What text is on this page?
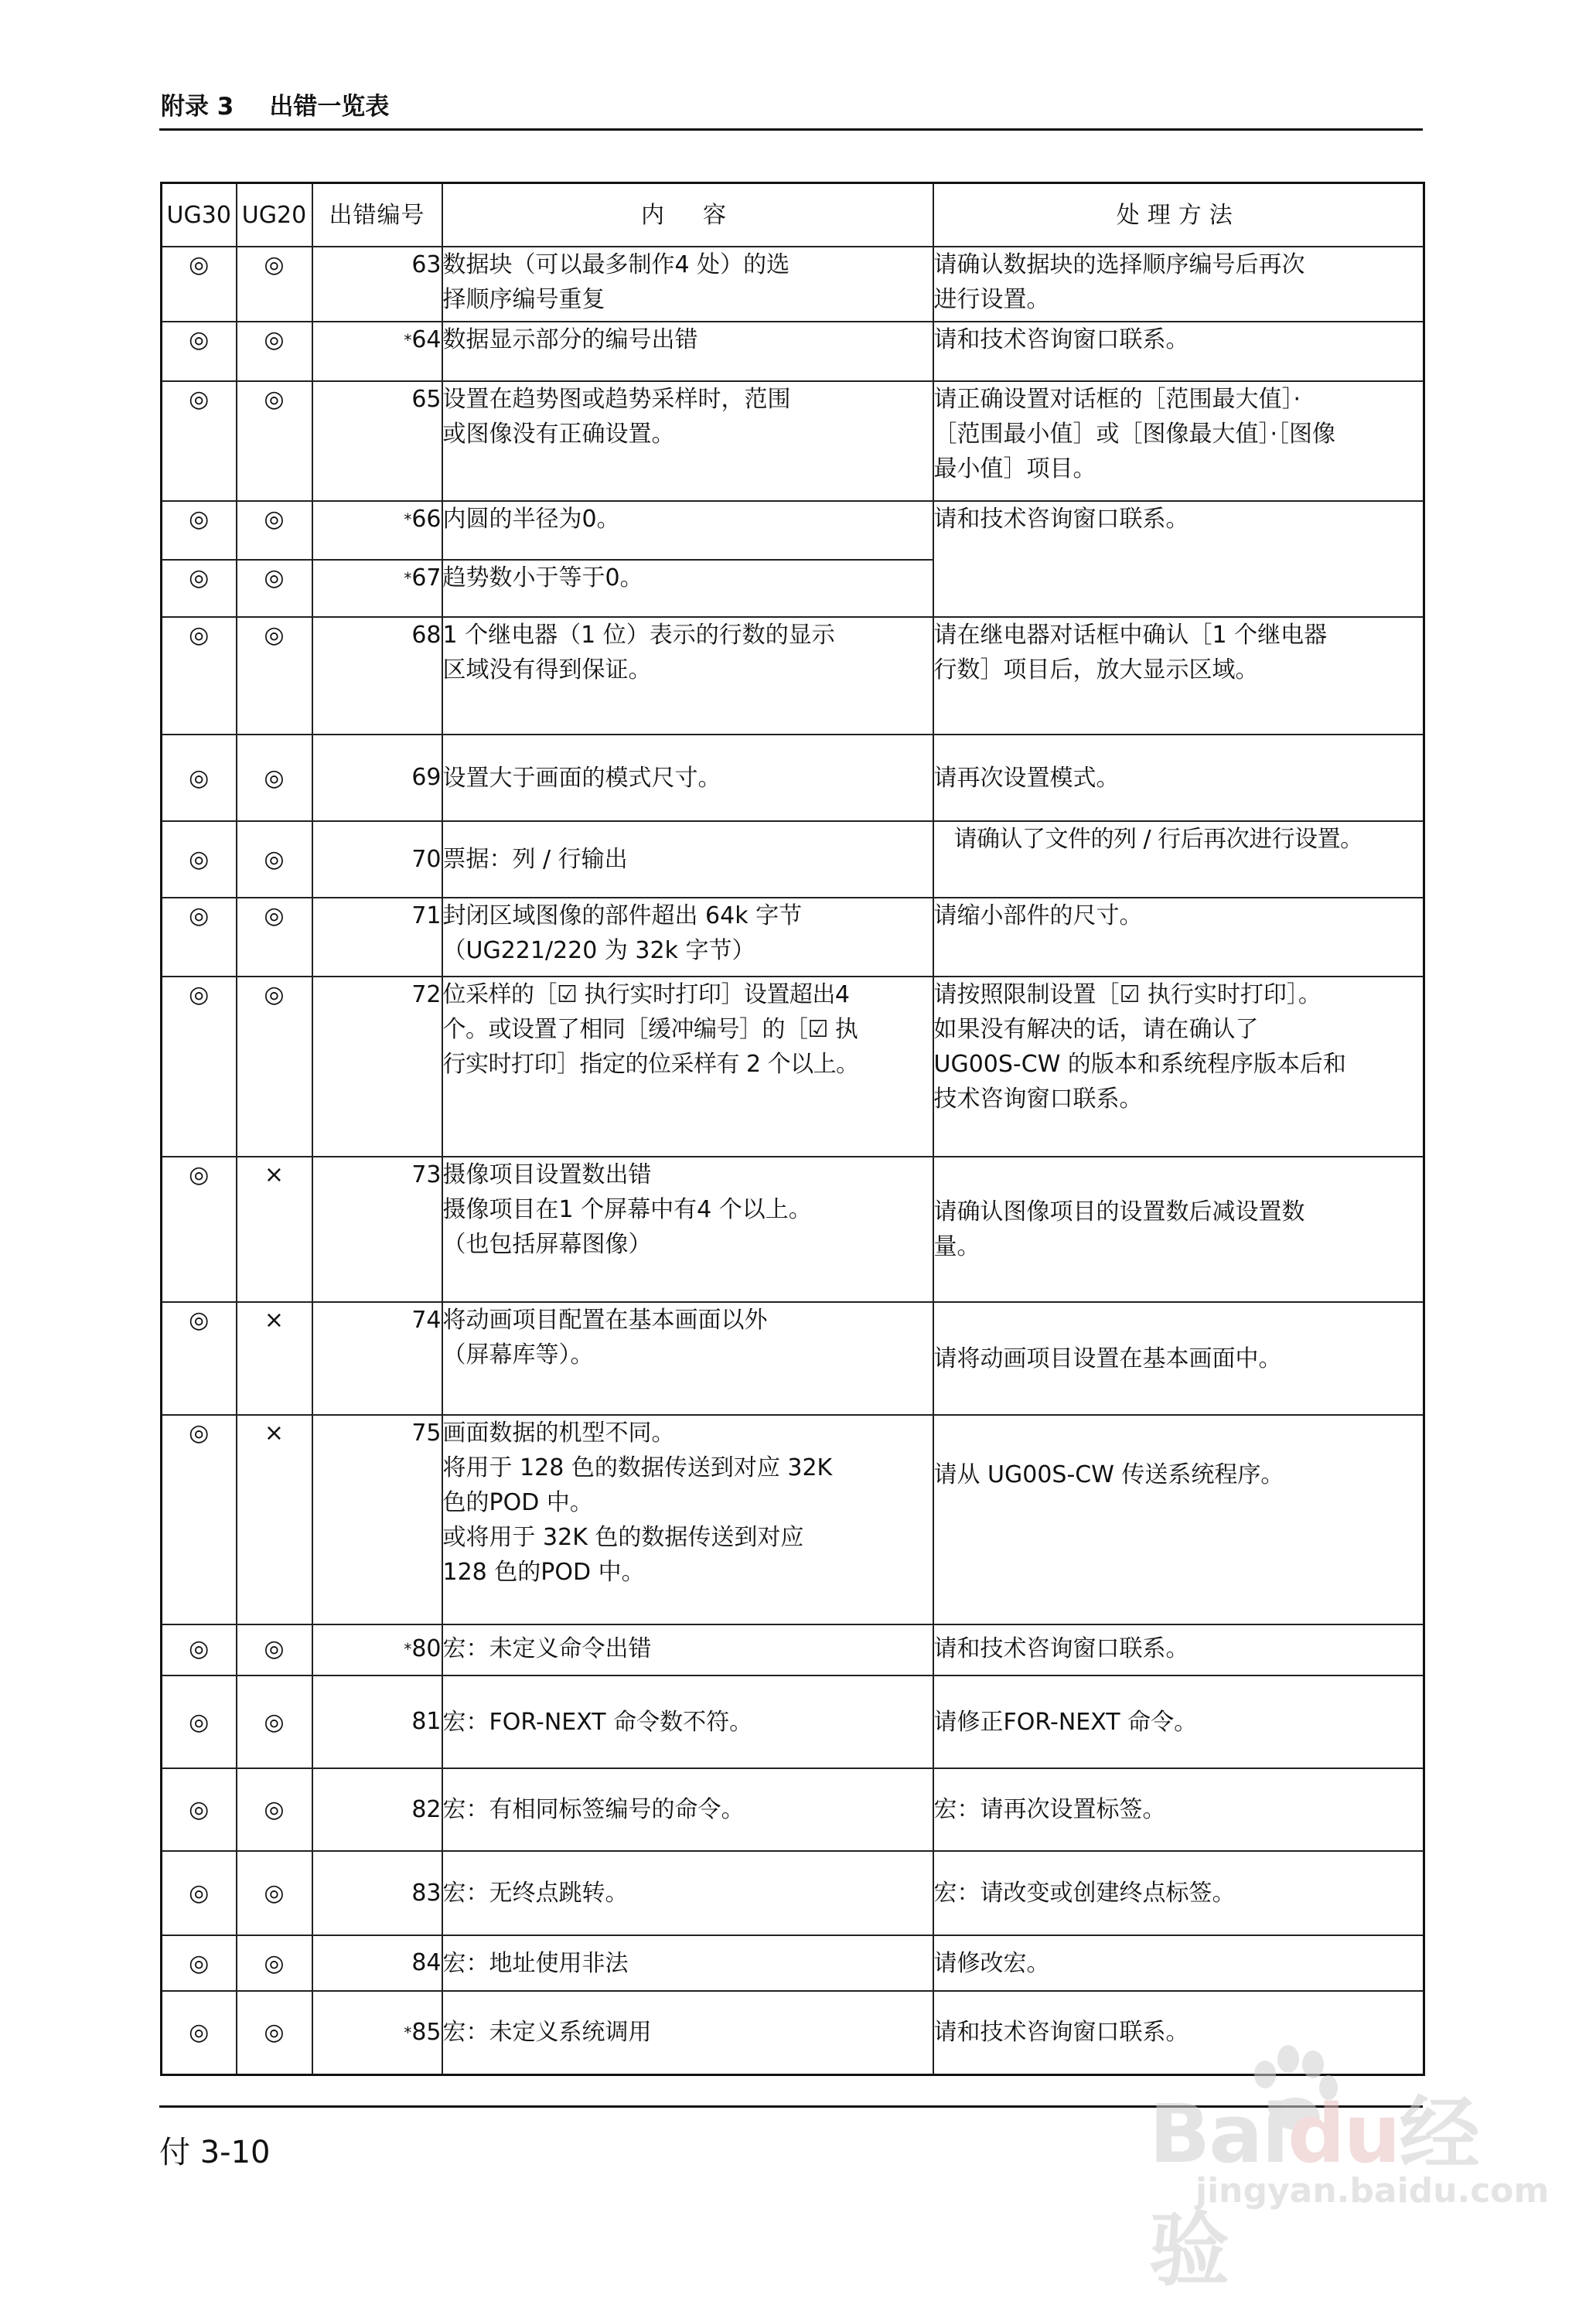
附录 3 出错一览表
UG30	UG20	出错编号	内　容	处理方法
◎	◎	63	数据块（可以最多制作4 处）的选
择顺序编号重复	请确认数据块的选择顺序编号后再次
进行设置。
◎	◎	*64	数据显示部分的编号出错	请和技术咨询窗口联系。
◎	◎	65	设置在趋势图或趋势采样时，范围
或图像没有正确设置。	请正确设置对话框的［范围最大值］·
［范围最小值］或［图像最大值］·［图像
最小值］项目。
◎	◎	*66	内圆的半径为0。	请和技术咨询窗口联系。
◎	◎	*67	趋势数小于等于0。	
◎	◎	68	1 个继电器（1 位）表示的行数的显示
区域没有得到保证。	请在继电器对话框中确认［1 个继电器
行数］项目后，放大显示区域。
◎	◎	69	设置大于画面的模式尺寸。	请再次设置模式。
◎	◎	70	票据：列 / 行输出	请确认了文件的列 / 行后再次进行设置。
◎	◎	71	封闭区域图像的部件超出 64k 字节
（UG221/220 为 32k 字节）	请缩小部件的尺寸。
◎	◎	72	位采样的［☑ 执行实时打印］设置超出4
个。或设置了相同［缓冲编号］的［☑ 执
行实时打印］指定的位采样有 2 个以上。	请按照限制设置［☑ 执行实时打印］。
如果没有解决的话，请在确认了
UG00S-CW 的版本和系统程序版本后和
技术咨询窗口联系。
◎	×	73	摄像项目设置数出错
摄像项目在1 个屏幕中有4 个以上。
（也包括屏幕图像）	请确认图像项目的设置数后减设置数
量。
◎	×	74	将动画项目配置在基本画面以外
（屏幕库等）。	请将动画项目设置在基本画面中。
◎	×	75	画面数据的机型不同。
将用于 128 色的数据传送到对应 32K
色的POD 中。
或将用于 32K 色的数据传送到对应
128 色的POD 中。	请从 UG00S-CW 传送系统程序。
◎	◎	*80	宏：未定义命令出错	请和技术咨询窗口联系。
◎	◎	81	宏：FOR-NEXT 命令数不符。	请修正FOR-NEXT 命令。
◎	◎	82	宏：有相同标签编号的命令。	宏：请再次设置标签。
◎	◎	83	宏：无终点跳转。	宏：请改变或创建终点标签。
◎	◎	84	宏：地址使用非法	请修改宏。
◎	◎	*85	宏：未定义系统调用	请和技术咨询窗口联系。
付 3-10	Baidu经验
jingyan.baidu.com
